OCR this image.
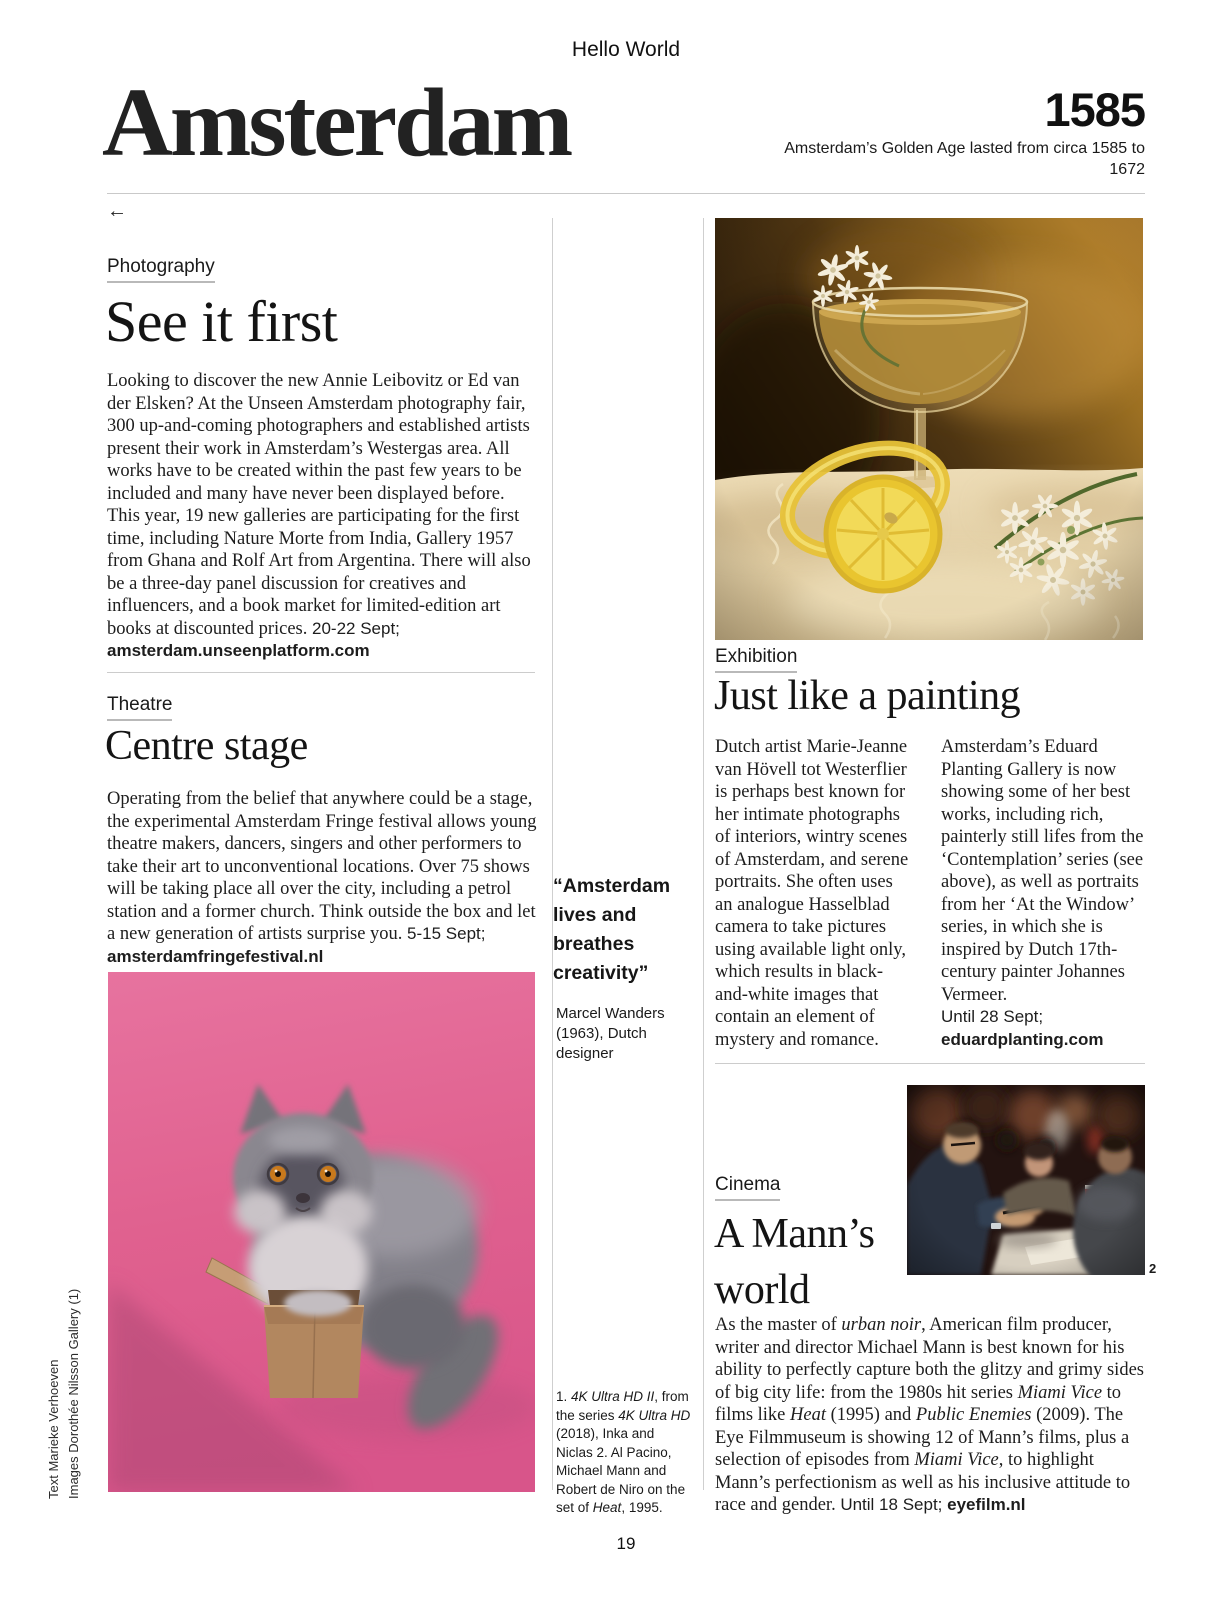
Hello World
Amsterdam	1585
Amsterdam’s Golden Age lasted from circa 1585 to 1672
←
Photography
See it first

Looking to discover the new Annie Leibovitz or Ed van der Elsken? At the Unseen Amsterdam photography fair, 300 up-and-coming photographers and established artists present their work in Amsterdam’s Westergas area. All works have to be created within the past few years to be included and many have never been displayed before. This year, 19 new galleries are participating for the first time, including Nature Morte from India, Gallery 1957 from Ghana and Rolf Art from Argentina. There will also be a three-day panel discussion for creatives and influencers, and a book market for limited-edition art books at discounted prices. 20-22 Sept; amsterdam.unseenplatform.com

Theatre
Centre stage

Operating from the belief that anywhere could be a stage, the experimental Amsterdam Fringe festival allows young theatre makers, dancers, singers and other performers to take their art to unconventional locations. Over 75 shows will be taking place all over the city, including a petrol station and a former church. Think outside the box and let a new generation of artists surprise you. 5-15 Sept; amsterdamfringefestival.nl

“Amsterdam lives and breathes creativity”
Marcel Wanders (1963), Dutch designer
1. 4K Ultra HD II, from the series 4K Ultra HD (2018), Inka and Niclas 2. Al Pacino, Michael Mann and Robert de Niro on the set of Heat, 1995.
Exhibition
Just like a painting

Dutch artist Marie-Jeanne van Hövell tot Westerflier is perhaps best known for her intimate photographs of interiors, wintry scenes of Amsterdam, and serene portraits. She often uses an analogue Hasselblad camera to take pictures using available light only, which results in black-and-white images that contain an element of mystery and romance.

Amsterdam’s Eduard Planting Gallery is now showing some of her best works, including rich, painterly still lifes from the ‘Contemplation’ series (see above), as well as portraits from her ‘At the Window’ series, in which she is inspired by Dutch 17th-century painter Johannes Vermeer.
Until 28 Sept; eduardplanting.com

Cinema
A Mann’s world

As the master of urban noir, American film producer, writer and director Michael Mann is best known for his ability to perfectly capture both the glitzy and grimy sides of big city life: from the 1980s hit series Miami Vice to films like Heat (1995) and Public Enemies (2009). The Eye Filmmuseum is showing 12 of Mann’s films, plus a selection of episodes from Miami Vice, to highlight Mann’s perfectionism as well as his inclusive attitude to race and gender. Until 18 Sept; eyefilm.nl

2
19
Text Marieke Verhoeven Images Dorothée Nilsson Gallery (1)
